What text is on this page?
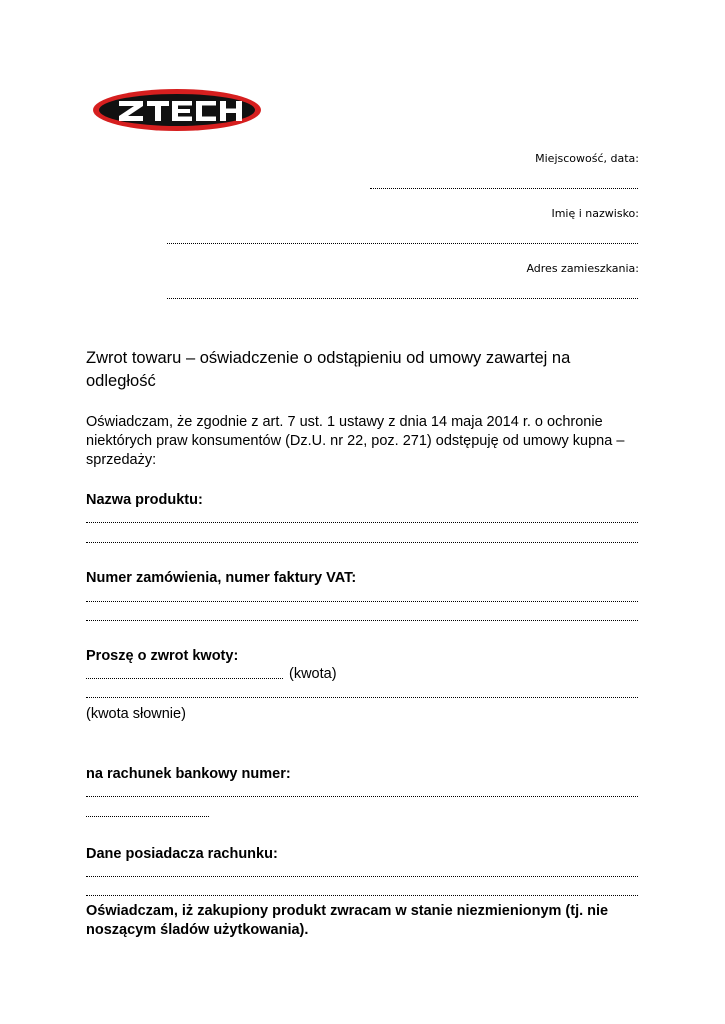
Miejscowość, data:
Imię i nazwisko:
Adres zamieszkania:
Zwrot towaru – oświadczenie o odstąpieniu od umowy zawartej na odległość
Oświadczam, że zgodnie z art. 7 ust. 1 ustawy z dnia 14 maja 2014 r. o ochronie niektórych praw konsumentów (Dz.U. nr 22, poz. 271) odstępuję od umowy kupna – sprzedaży:
Nazwa produktu:
Numer zamówienia, numer faktury VAT:
Proszę o zwrot kwoty:
(kwota)
(kwota słownie)
na rachunek bankowy numer:
Dane posiadacza rachunku:
Oświadczam, iż zakupiony produkt zwracam w stanie niezmienionym (tj. nie noszącym śladów użytkowania).
